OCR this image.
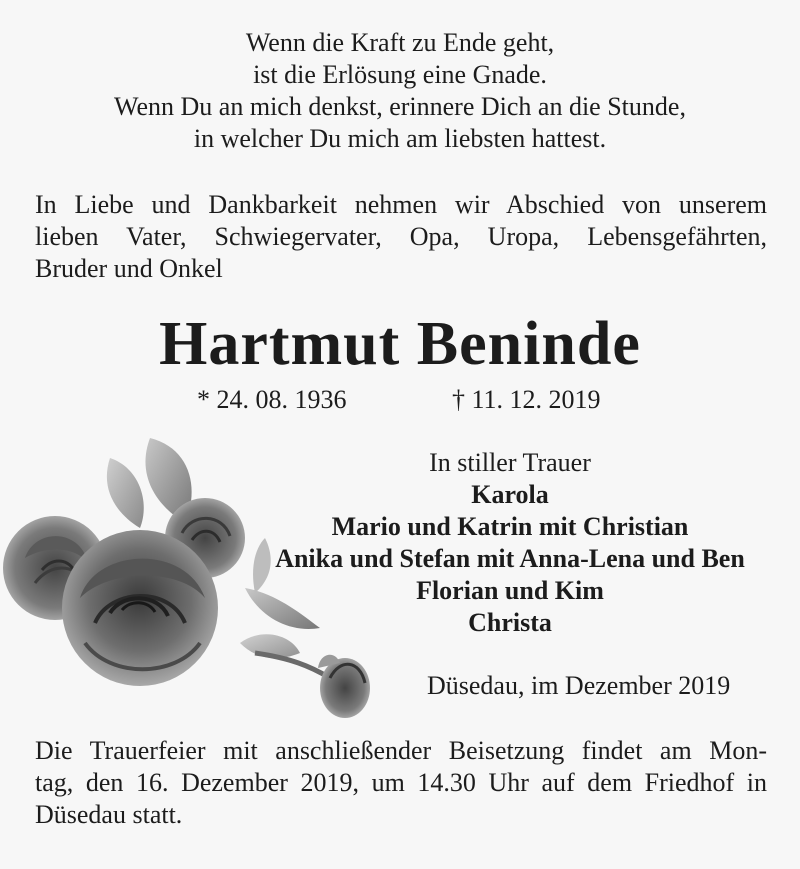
Wenn die Kraft zu Ende geht,
ist die Erlösung eine Gnade.
Wenn Du an mich denkst, erinnere Dich an die Stunde,
in welcher Du mich am liebsten hattest.
In Liebe und Dankbarkeit nehmen wir Abschied von unserem
lieben Vater, Schwiegervater, Opa, Uropa, Lebensgefährten,
Bruder und Onkel
Hartmut Beninde
* 24. 08. 1936	† 11. 12. 2019
In stiller Trauer
Karola
Mario und Katrin mit Christian
Anika und Stefan mit Anna-Lena und Ben
Florian und Kim
Christa
Düsedau, im Dezember 2019
Die Trauerfeier mit anschließender Beisetzung findet am Mon-
tag, den 16. Dezember 2019, um 14.30 Uhr auf dem Friedhof in
Düsedau statt.
